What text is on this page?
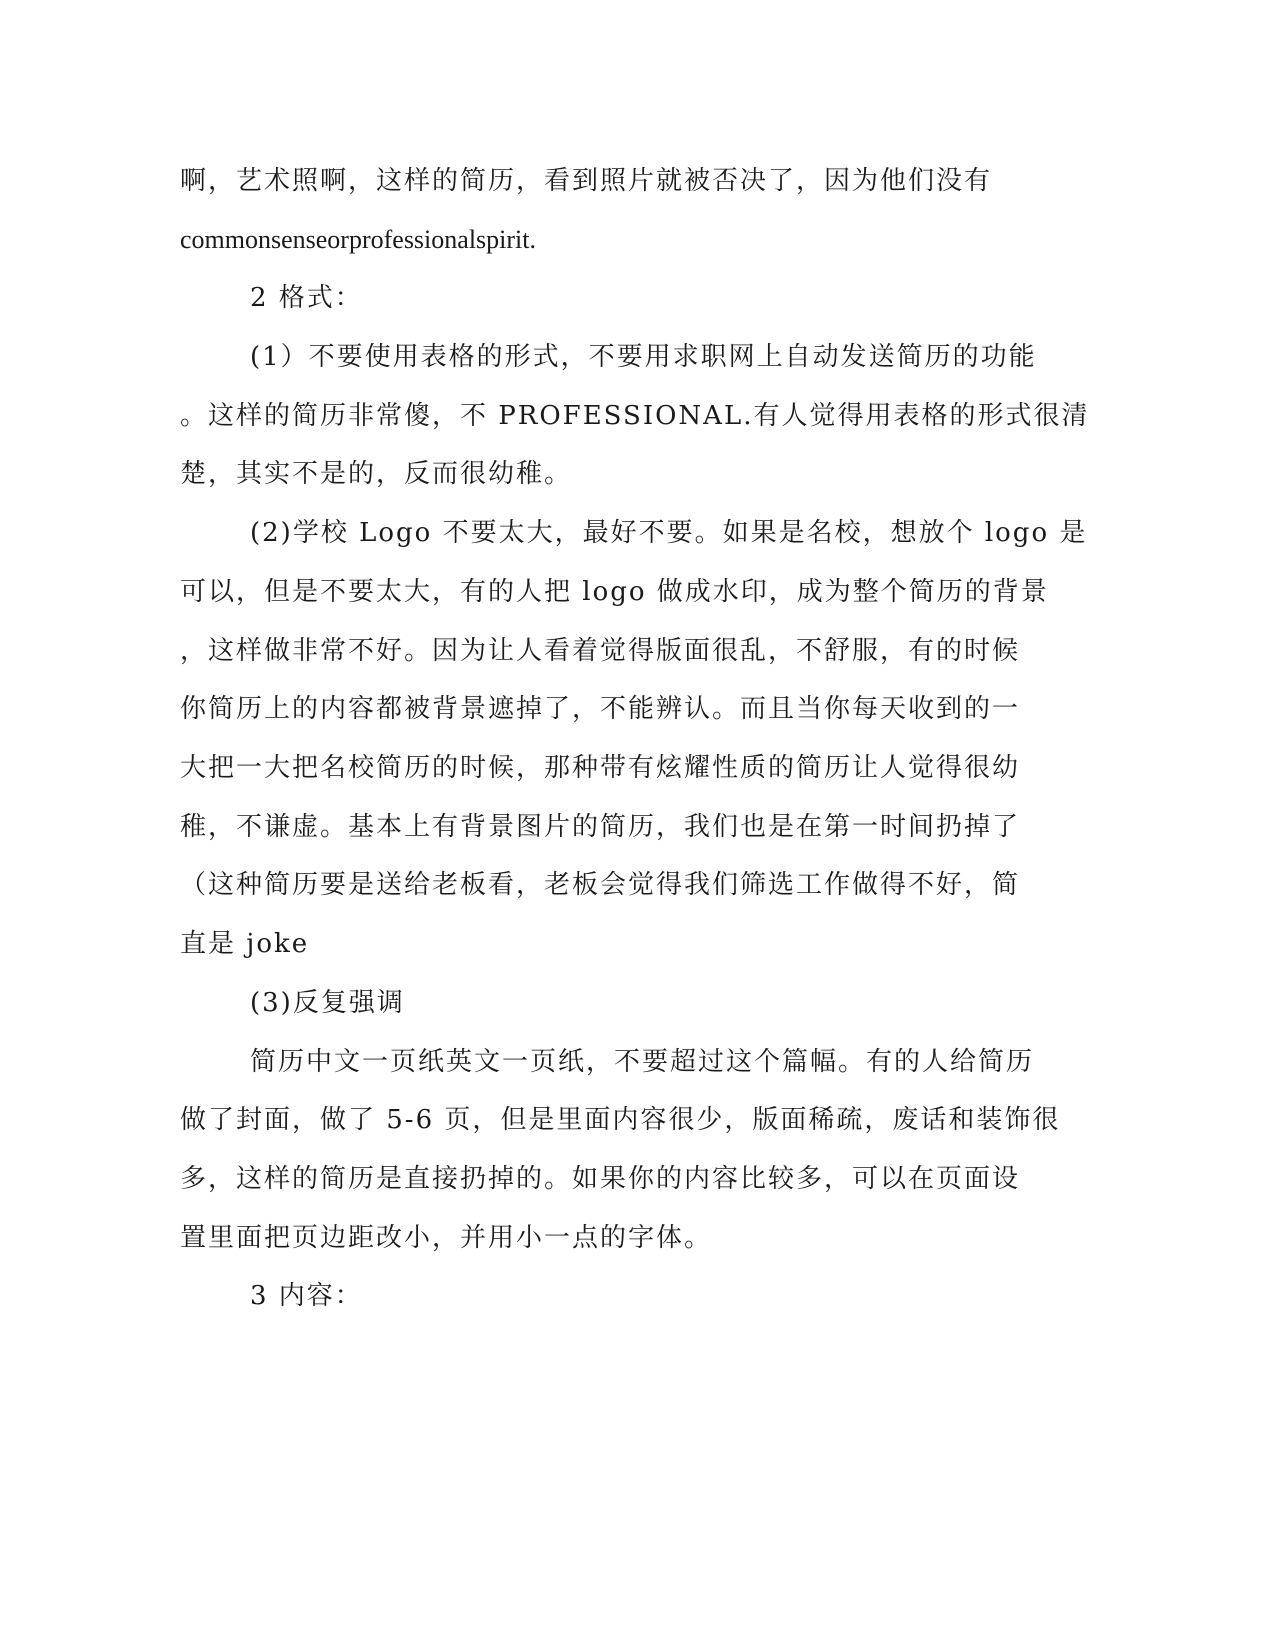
啊，艺术照啊，这样的简历，看到照片就被否决了，因为他们没有
commonsenseorprofessionalspirit.
2 格式：
(1）不要使用表格的形式，不要用求职网上自动发送简历的功能
。这样的简历非常傻，不 PROFESSIONAL.有人觉得用表格的形式很清
楚，其实不是的，反而很幼稚。
(2)学校 Logo 不要太大，最好不要。如果是名校，想放个 logo 是
可以，但是不要太大，有的人把 logo 做成水印，成为整个简历的背景
，这样做非常不好。因为让人看着觉得版面很乱，不舒服，有的时候
你简历上的内容都被背景遮掉了，不能辨认。而且当你每天收到的一
大把一大把名校简历的时候，那种带有炫耀性质的简历让人觉得很幼
稚，不谦虚。基本上有背景图片的简历，我们也是在第一时间扔掉了
（这种简历要是送给老板看，老板会觉得我们筛选工作做得不好，简
直是 joke
(3)反复强调
简历中文一页纸英文一页纸，不要超过这个篇幅。有的人给简历
做了封面，做了 5-6 页，但是里面内容很少，版面稀疏，废话和装饰很
多，这样的简历是直接扔掉的。如果你的内容比较多，可以在页面设
置里面把页边距改小，并用小一点的字体。
3 内容：
